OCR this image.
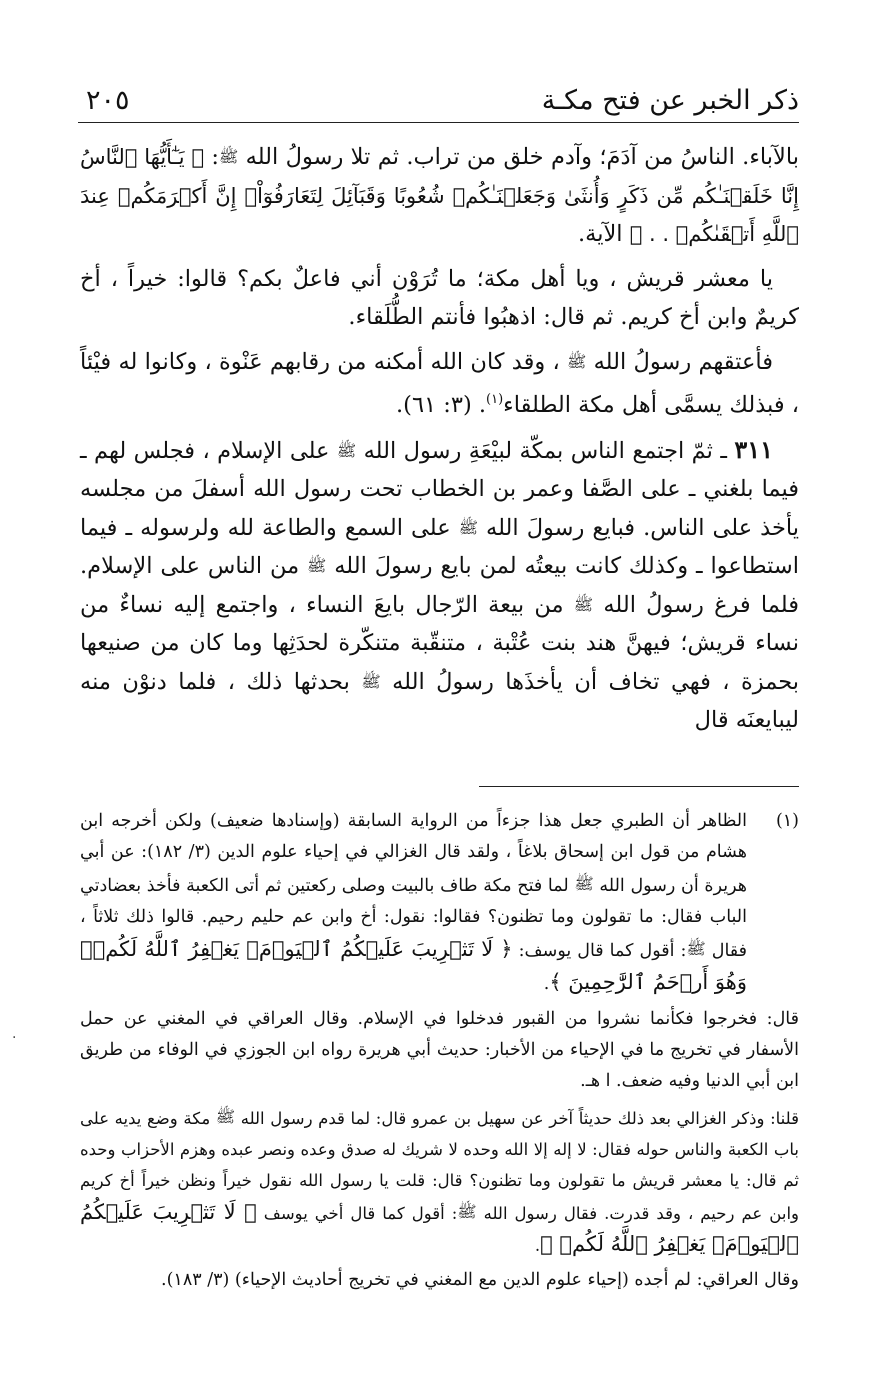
ذكر الخبر عن فتح مكـة
٢٠٥

بالآباء. الناسُ من آدَمَ؛ وآدم خلق من تراب. ثم تلا رسولُ الله ﷺ: ﴿ يَـٰٓأَيُّهَا ٱلنَّاسُ إِنَّا خَلَقۡنَـٰكُم مِّن ذَكَرٍ وَأُنثَىٰ وَجَعَلۡنَـٰكُمۡ شُعُوبًا وَقَبَآئِلَ لِتَعَارَفُوٓاْۚ إِنَّ أَكۡرَمَكُمۡ عِندَ ٱللَّهِ أَتۡقَىٰكُمۡ . . ﴾ الآية.

يا معشر قريش ، ويا أهل مكة؛ ما تُرَوْن أني فاعلٌ بكم؟ قالوا: خيراً ، أخ كريمٌ وابن أخ كريم. ثم قال: اذهبُوا فأنتم الطُّلَقاء.

فأعتقهم رسولُ الله ﷺ ، وقد كان الله أمكنه من رقابهم عَنْوة ، وكانوا له فيْئاً ، فبذلك يسمَّى أهل مكة الطلقاء$^{(١)}$. (٣: ٦١).

٣١١ ـ ثمّ اجتمع الناس بمكّة لبيْعَةِ رسول الله ﷺ على الإسلام ، فجلس لهم ـ فيما بلغني ـ على الصَّفا وعمر بن الخطاب تحت رسول الله أسفلَ من مجلسه يأخذ على الناس. فبايع رسولَ الله ﷺ على السمع والطاعة لله ولرسوله ـ فيما استطاعوا ـ وكذلك كانت بيعتُه لمن بايع رسولَ الله ﷺ من الناس على الإسلام. فلما فرغ رسولُ الله ﷺ من بيعة الرّجال بايعَ النساء ، واجتمع إليه نساءٌ من نساء قريش؛ فيهنَّ هند بنت عُتْبة ، متنقّبة متنكّرة لحدَثِها وما كان من صنيعها بحمزة ، فهي تخاف أن يأخذَها رسولُ الله ﷺ بحدثها ذلك ، فلما دنوْن منه ليبايعنَه قال

(١)
الظاهر أن الطبري جعل هذا جزءاً من الرواية السابقة (وإسنادها ضعيف) ولكن أخرجه ابن هشام من قول ابن إسحاق بلاغاً ، ولقد قال الغزالي في إحياء علوم الدين (٣/ ١٨٢): عن أبي هريرة أن رسول الله ﷺ لما فتح مكة طاف بالبيت وصلى ركعتين ثم أتى الكعبة فأخذ بعضادتي الباب فقال: ما تقولون وما تظنون؟ فقالوا: نقول: أخ وابن عم حليم رحيم. قالوا ذلك ثلاثاً ، فقال ﷺ: أقول كما قال يوسف: ﴿ لَا تَثۡرِيبَ عَلَيۡكُمُ ٱلۡيَوۡمَۖ يَغۡفِرُ ٱللَّهُ لَكُمۡۖ وَهُوَ أَرۡحَمُ ٱلرَّٰحِمِينَ ﴾.
قال: فخرجوا فكأنما نشروا من القبور فدخلوا في الإسلام. وقال العراقي في المغني عن حمل الأسفار في تخريج ما في الإحياء من الأخبار: حديث أبي هريرة رواه ابن الجوزي في الوفاء من طريق ابن أبي الدنيا وفيه ضعف. ا هـ.
قلنا: وذكر الغزالي بعد ذلك حديثاً آخر عن سهيل بن عمرو قال: لما قدم رسول الله ﷺ مكة وضع يديه على باب الكعبة والناس حوله فقال: لا إله إلا الله وحده لا شريك له صدق وعده ونصر عبده وهزم الأحزاب وحده ثم قال: يا معشر قريش ما تقولون وما تظنون؟ قال: قلت يا رسول الله نقول خيراً ونظن خيراً أخ كريم وابن عم رحيم ، وقد قدرت. فقال رسول الله ﷺ: أقول كما قال أخي يوسف ﴿ لَا تَثۡرِيبَ عَلَيۡكُمُ ٱلۡيَوۡمَۖ يَغۡفِرُ ٱللَّهُ لَكُمۡ ﴾.
وقال العراقي: لم أجده (إحياء علوم الدين مع المغني في تخريج أحاديث الإحياء) (٣/ ١٨٣).
·
